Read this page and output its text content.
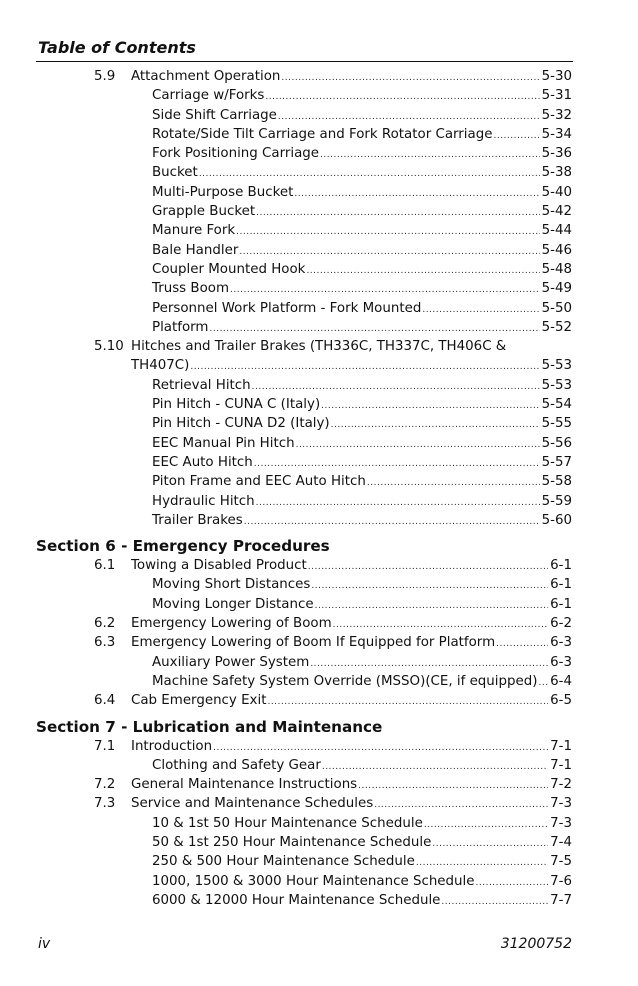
Table of Contents
5.9 Attachment Operation .....	5-30
Carriage w/Forks .....	5-31
Side Shift Carriage .....	5-32
Rotate/Side Tilt Carriage and Fork Rotator Carriage .....	5-34
Fork Positioning Carriage .....	5-36
Bucket .....	5-38
Multi-Purpose Bucket .....	5-40
Grapple Bucket .....	5-42
Manure Fork .....	5-44
Bale Handler .....	5-46
Coupler Mounted Hook .....	5-48
Truss Boom .....	5-49
Personnel Work Platform - Fork Mounted .....	5-50
Platform .....	5-52
5.10 Hitches and Trailer Brakes (TH336C, TH337C, TH406C &
TH407C) .....	5-53
Retrieval Hitch .....	5-53
Pin Hitch - CUNA C (Italy) .....	5-54
Pin Hitch - CUNA D2 (Italy) .....	5-55
EEC Manual Pin Hitch .....	5-56
EEC Auto Hitch .....	5-57
Piton Frame and EEC Auto Hitch .....	5-58
Hydraulic Hitch .....	5-59
Trailer Brakes .....	5-60
Section 6 - Emergency Procedures
6.1 Towing a Disabled Product .....	6-1
Moving Short Distances .....	6-1
Moving Longer Distance .....	6-1
6.2 Emergency Lowering of Boom .....	6-2
6.3 Emergency Lowering of Boom If Equipped for Platform .....	6-3
Auxiliary Power System .....	6-3
Machine Safety System Override (MSSO)(CE, if equipped) ..... 6-4
6.4 Cab Emergency Exit .....	6-5
Section 7 - Lubrication and Maintenance
7.1 Introduction .....	7-1
Clothing and Safety Gear .....	7-1
7.2 General Maintenance Instructions .....	7-2
7.3 Service and Maintenance Schedules .....	7-3
10 & 1st 50 Hour Maintenance Schedule .....	7-3
50 & 1st 250 Hour Maintenance Schedule .....	7-4
250 & 500 Hour Maintenance Schedule .....	7-5
1000, 1500 & 3000 Hour Maintenance Schedule .....	7-6
6000 & 12000 Hour Maintenance Schedule .....	7-7
iv	31200752
